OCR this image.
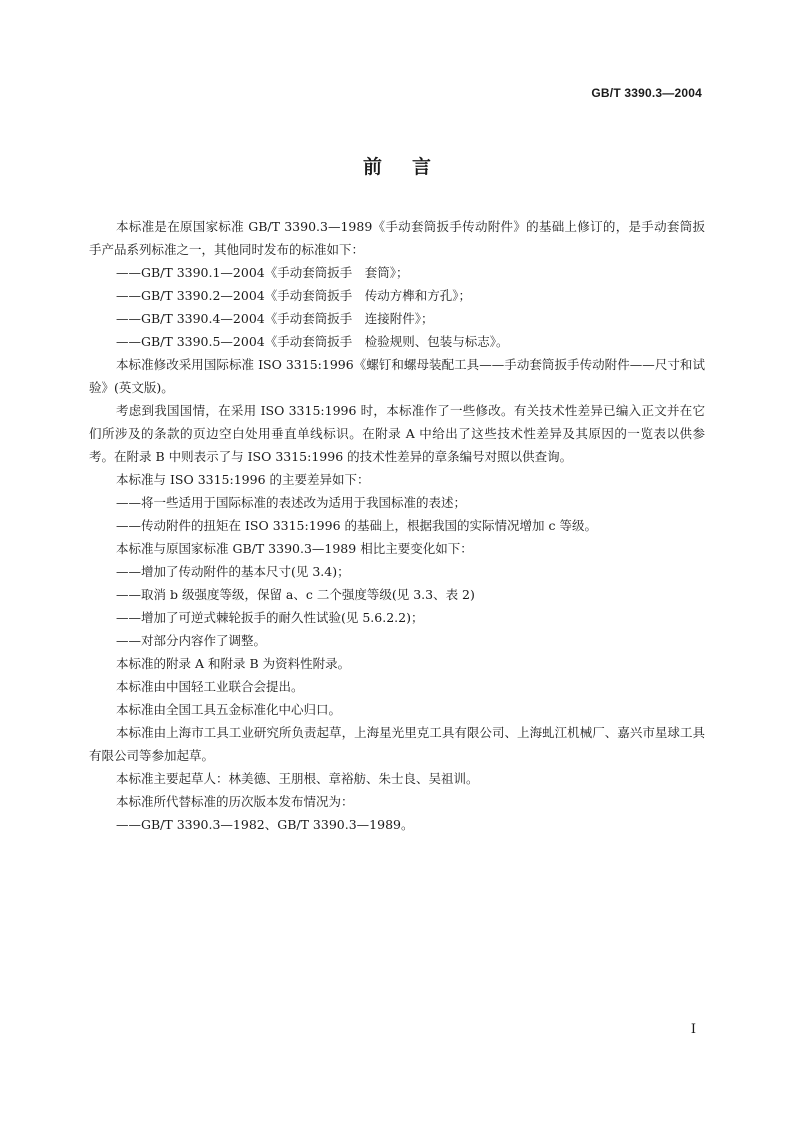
GB/T 3390.3—2004
前言

本标准是在原国家标准 GB/T 3390.3—1989《手动套筒扳手传动附件》的基础上修订的，是手动套筒扳手产品系列标准之一，其他同时发布的标准如下：

——GB/T 3390.1—2004《手动套筒扳手　套筒》；

——GB/T 3390.2—2004《手动套筒扳手　传动方榫和方孔》；

——GB/T 3390.4—2004《手动套筒扳手　连接附件》；

——GB/T 3390.5—2004《手动套筒扳手　检验规则、包装与标志》。

本标准修改采用国际标准 ISO 3315:1996《螺钉和螺母装配工具——手动套筒扳手传动附件——尺寸和试验》(英文版)。

考虑到我国国情，在采用 ISO 3315:1996 时，本标准作了一些修改。有关技术性差异已编入正文并在它们所涉及的条款的页边空白处用垂直单线标识。在附录 A 中给出了这些技术性差异及其原因的一览表以供参考。在附录 B 中则表示了与 ISO 3315:1996 的技术性差异的章条编号对照以供查询。

本标准与 ISO 3315:1996 的主要差异如下：

——将一些适用于国际标准的表述改为适用于我国标准的表述；

——传动附件的扭矩在 ISO 3315:1996 的基础上，根据我国的实际情况增加 c 等级。

本标准与原国家标准 GB/T 3390.3—1989 相比主要变化如下：

——增加了传动附件的基本尺寸(见 3.4)；

——取消 b 级强度等级，保留 a、c 二个强度等级(见 3.3、表 2)

——增加了可逆式棘轮扳手的耐久性试验(见 5.6.2.2)；

——对部分内容作了调整。

本标准的附录 A 和附录 B 为资料性附录。

本标准由中国轻工业联合会提出。

本标准由全国工具五金标准化中心归口。

本标准由上海市工具工业研究所负责起草，上海星光里克工具有限公司、上海虬江机械厂、嘉兴市星球工具有限公司等参加起草。

本标准主要起草人：林美德、王朋根、章裕舫、朱士良、吴祖训。

本标准所代替标准的历次版本发布情况为：

——GB/T 3390.3—1982、GB/T 3390.3—1989。

I
